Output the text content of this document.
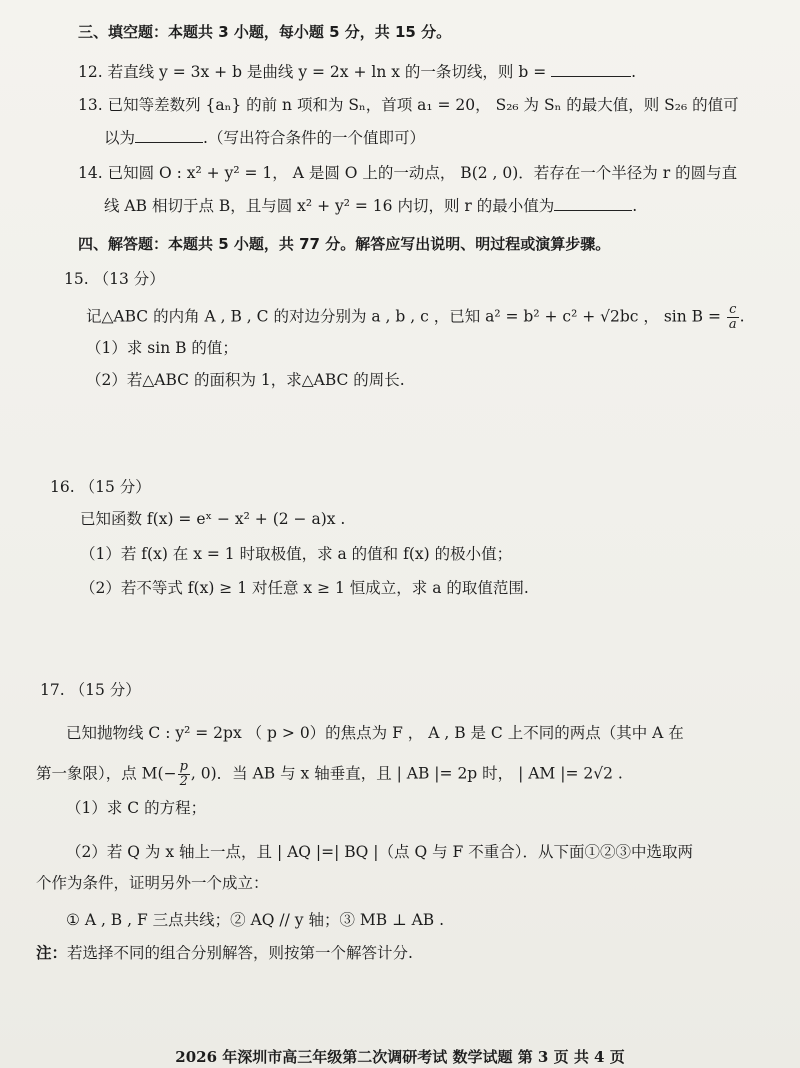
三、填空题：本题共 3 小题，每小题 5 分，共 15 分。
12. 若直线 y = 3x + b 是曲线 y = 2x + ln x 的一条切线，则 b =	.
13. 已知等差数列 {aₙ} 的前 n 项和为 Sₙ，首项 a₁ = 20， S₂₆ 为 Sₙ 的最大值，则 S₂₆ 的值可
以为	.（写出符合条件的一个值即可）
14. 已知圆 O : x² + y² = 1， A 是圆 O 上的一动点， B(2 , 0)．若存在一个半径为 r 的圆与直
线 AB 相切于点 B，且与圆 x² + y² = 16 内切，则 r 的最小值为	.
四、解答题：本题共 5 小题，共 77 分。解答应写出说明、明过程或演算步骤。
15. （13 分）
记△ABC 的内角 A , B , C 的对边分别为 a , b , c ，已知 a² = b² + c² + √2bc ， $\sin B = \frac{c}{a}$ .
（1）求 sin B 的值；
（2）若△ABC 的面积为 1，求△ABC 的周长.
16. （15 分）
已知函数 f(x) = eˣ − x² + (2 − a)x .
（1）若 f(x) 在 x = 1 时取极值，求 a 的值和 f(x) 的极小值；
（2）若不等式 f(x) ≥ 1 对任意 x ≥ 1 恒成立，求 a 的取值范围.
17. （15 分）
已知抛物线 C : y² = 2px （ p > 0）的焦点为 F ， A , B 是 C 上不同的两点（其中 A 在
第一象限），点 $M(- \frac{p}{2}$ , 0)．当 AB 与 x 轴垂直，且 | AB |= 2p 时， | AM |= 2√2 .
（1）求 C 的方程；
（2）若 Q 为 x 轴上一点，且 | AQ |=| BQ |（点 Q 与 F 不重合）．从下面①②③中选取两
个作为条件，证明另外一个成立：
① A , B , F 三点共线；② AQ // y 轴；③ MB ⊥ AB .
注：若选择不同的组合分别解答，则按第一个解答计分.
2026 年深圳市高三年级第二次调研考试 数学试题 第 3 页 共 4 页
